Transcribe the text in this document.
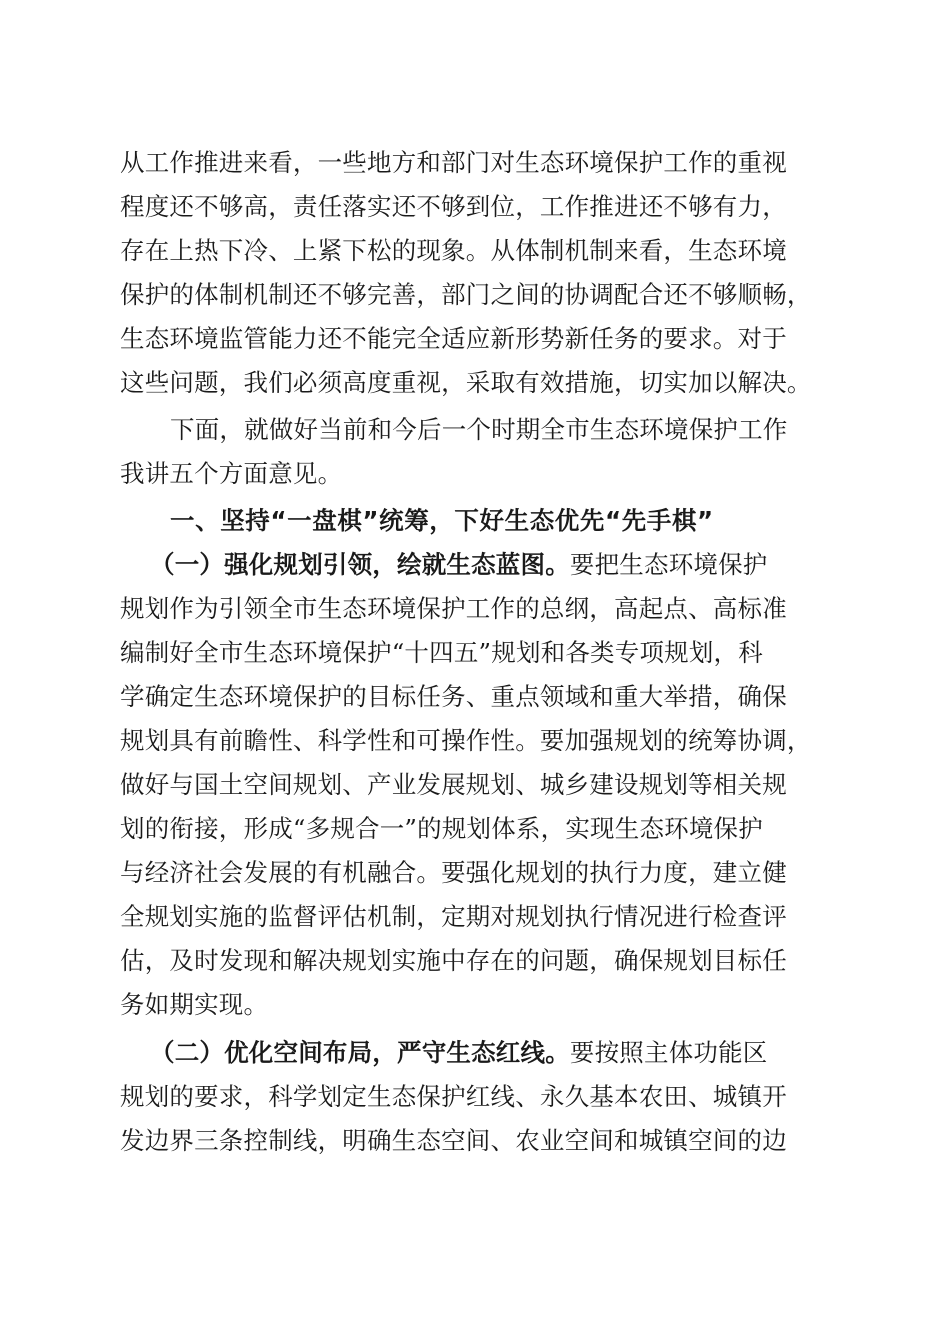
从工作推进来看，一些地方和部门对生态环境保护工作的重视
程度还不够高，责任落实还不够到位，工作推进还不够有力，
存在上热下冷、上紧下松的现象。从体制机制来看，生态环境
保护的体制机制还不够完善，部门之间的协调配合还不够顺畅，
生态环境监管能力还不能完全适应新形势新任务的要求。对于
这些问题，我们必须高度重视，采取有效措施，切实加以解决。
下面，就做好当前和今后一个时期全市生态环境保护工作
我讲五个方面意见。
一、坚持“一盘棋”统筹，下好生态优先“先手棋”
（一）强化规划引领，绘就生态蓝图。要把生态环境保护
规划作为引领全市生态环境保护工作的总纲，高起点、高标准
编制好全市生态环境保护“十四五”规划和各类专项规划，科
学确定生态环境保护的目标任务、重点领域和重大举措，确保
规划具有前瞻性、科学性和可操作性。要加强规划的统筹协调，
做好与国土空间规划、产业发展规划、城乡建设规划等相关规
划的衔接，形成“多规合一”的规划体系，实现生态环境保护
与经济社会发展的有机融合。要强化规划的执行力度，建立健
全规划实施的监督评估机制，定期对规划执行情况进行检查评
估，及时发现和解决规划实施中存在的问题，确保规划目标任
务如期实现。
（二）优化空间布局，严守生态红线。要按照主体功能区
规划的要求，科学划定生态保护红线、永久基本农田、城镇开
发边界三条控制线，明确生态空间、农业空间和城镇空间的边
